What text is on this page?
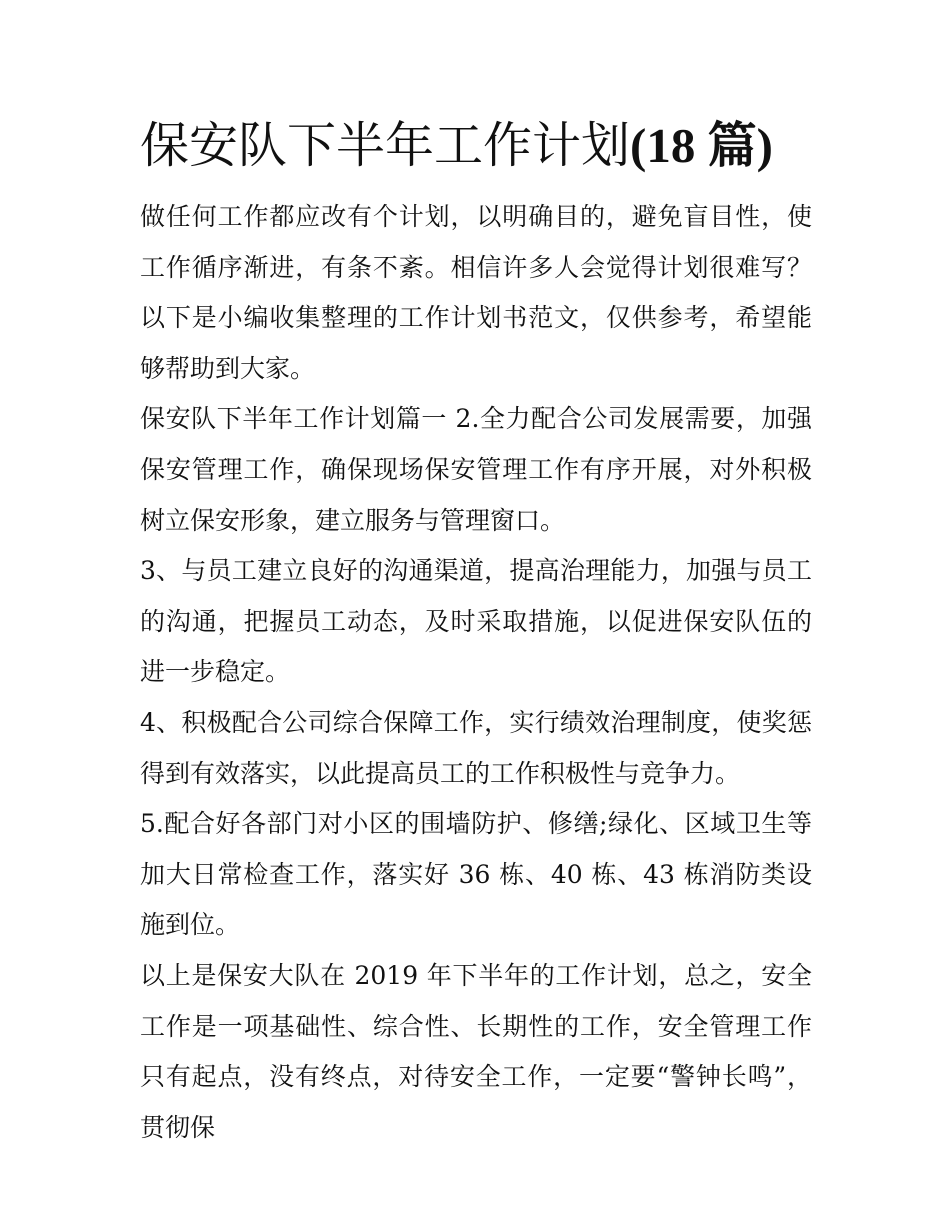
保安队下半年工作计划(18 篇)

做任何工作都应改有个计划，以明确目的，避免盲目性，使工作循序渐进，有条不紊。相信许多人会觉得计划很难写？以下是小编收集整理的工作计划书范文，仅供参考，希望能够帮助到大家。

保安队下半年工作计划篇一 2.全力配合公司发展需要，加强保安管理工作，确保现场保安管理工作有序开展，对外积极树立保安形象，建立服务与管理窗口。

3、与员工建立良好的沟通渠道，提高治理能力，加强与员工的沟通，把握员工动态，及时采取措施，以促进保安队伍的进一步稳定。

4、积极配合公司综合保障工作，实行绩效治理制度，使奖惩得到有效落实，以此提高员工的工作积极性与竞争力。

5.配合好各部门对小区的围墙防护、修缮;绿化、区域卫生等加大日常检查工作，落实好 36 栋、40 栋、43 栋消防类设施到位。

以上是保安大队在 2019 年下半年的工作计划，总之，安全工作是一项基础性、综合性、长期性的工作，安全管理工作只有起点，没有终点，对待安全工作，一定要“警钟长鸣”，贯彻保
